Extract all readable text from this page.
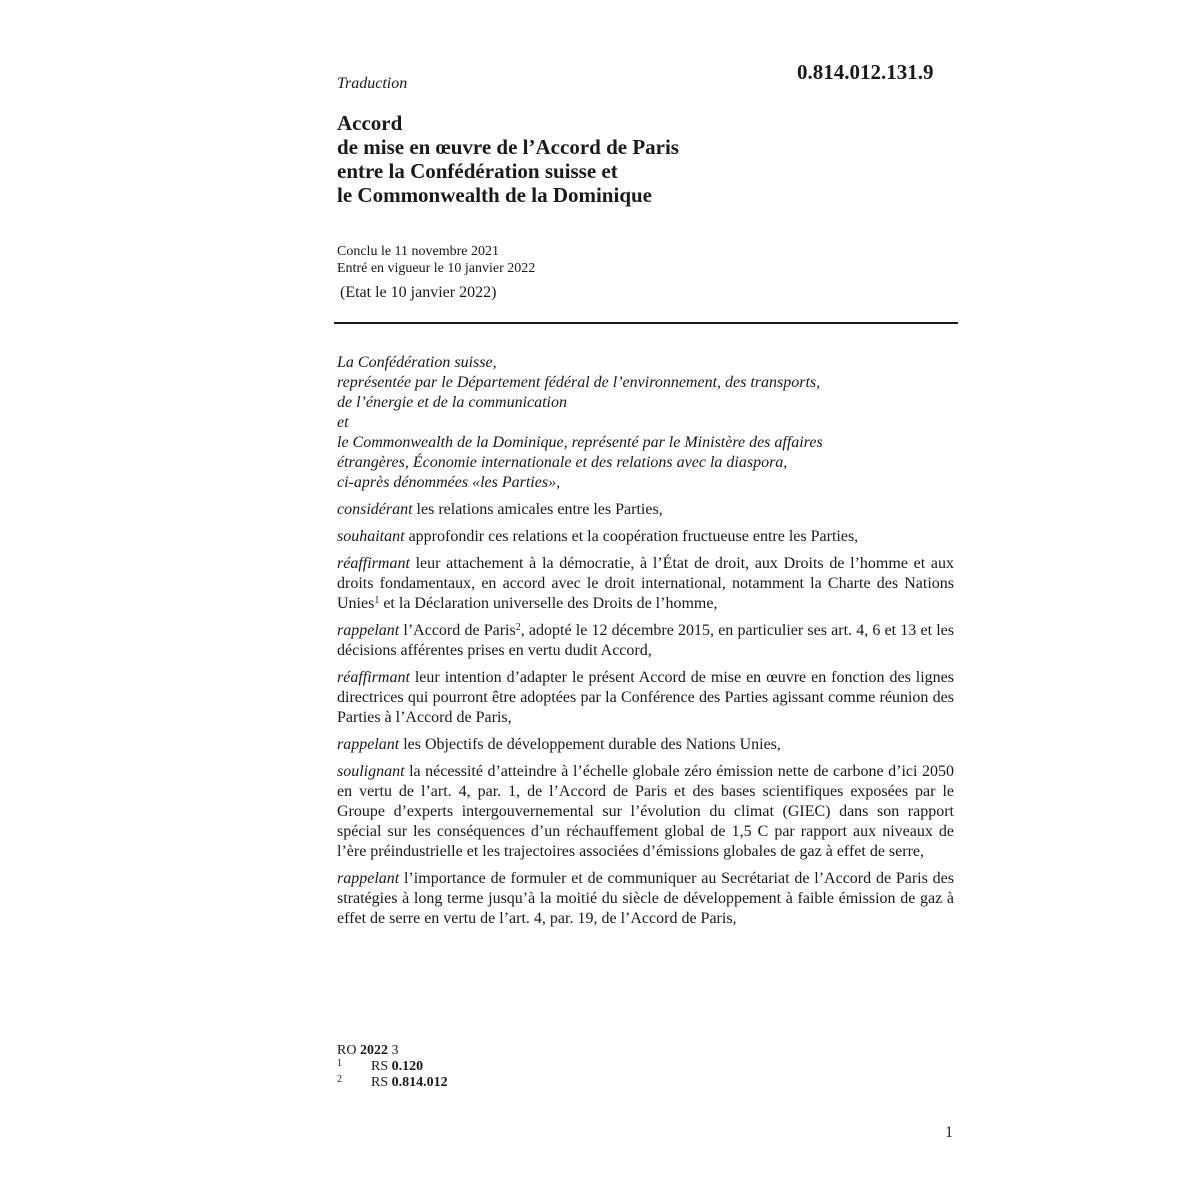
0.814.012.131.9
Traduction
Accord
de mise en œuvre de l’Accord de Paris
entre la Confédération suisse et
le Commonwealth de la Dominique
Conclu le 11 novembre 2021
Entré en vigueur le 10 janvier 2022
(Etat le 10 janvier 2022)
La Confédération suisse,
représentée par le Département fédéral de l’environnement, des transports,
de l’énergie et de la communication
et
le Commonwealth de la Dominique, représenté par le Ministère des affaires
étrangères, Économie internationale et des relations avec la diaspora,
ci-après dénommées «les Parties»,

considérant les relations amicales entre les Parties,

souhaitant approfondir ces relations et la coopération fructueuse entre les Parties,

réaffirmant leur attachement à la démocratie, à l’État de droit, aux Droits de l’homme et aux droits fondamentaux, en accord avec le droit international, notamment la Charte des Nations Unies$^1$ et la Déclaration universelle des Droits de l’homme,

rappelant l’Accord de Paris$^2$, adopté le 12 décembre 2015, en particulier ses art. 4, 6 et 13 et les décisions afférentes prises en vertu dudit Accord,

réaffirmant leur intention d’adapter le présent Accord de mise en œuvre en fonction des lignes directrices qui pourront être adoptées par la Conférence des Parties agissant comme réunion des Parties à l’Accord de Paris,

rappelant les Objectifs de développement durable des Nations Unies,

soulignant la nécessité d’atteindre à l’échelle globale zéro émission nette de carbone d’ici 2050 en vertu de l’art. 4, par. 1, de l’Accord de Paris et des bases scientifiques exposées par le Groupe d’experts intergouvernemental sur l’évolution du climat (GIEC) dans son rapport spécial sur les conséquences d’un réchauffement global de 1,5 C par rapport aux niveaux de l’ère préindustrielle et les trajectoires associées d’émissions globales de gaz à effet de serre,

rappelant l’importance de formuler et de communiquer au Secrétariat de l’Accord de Paris des stratégies à long terme jusqu’à la moitié du siècle de développement à faible émission de gaz à effet de serre en vertu de l’art. 4, par. 19, de l’Accord de Paris,

RO 2022 3
1	RS 0.120
2	RS 0.814.012
1
